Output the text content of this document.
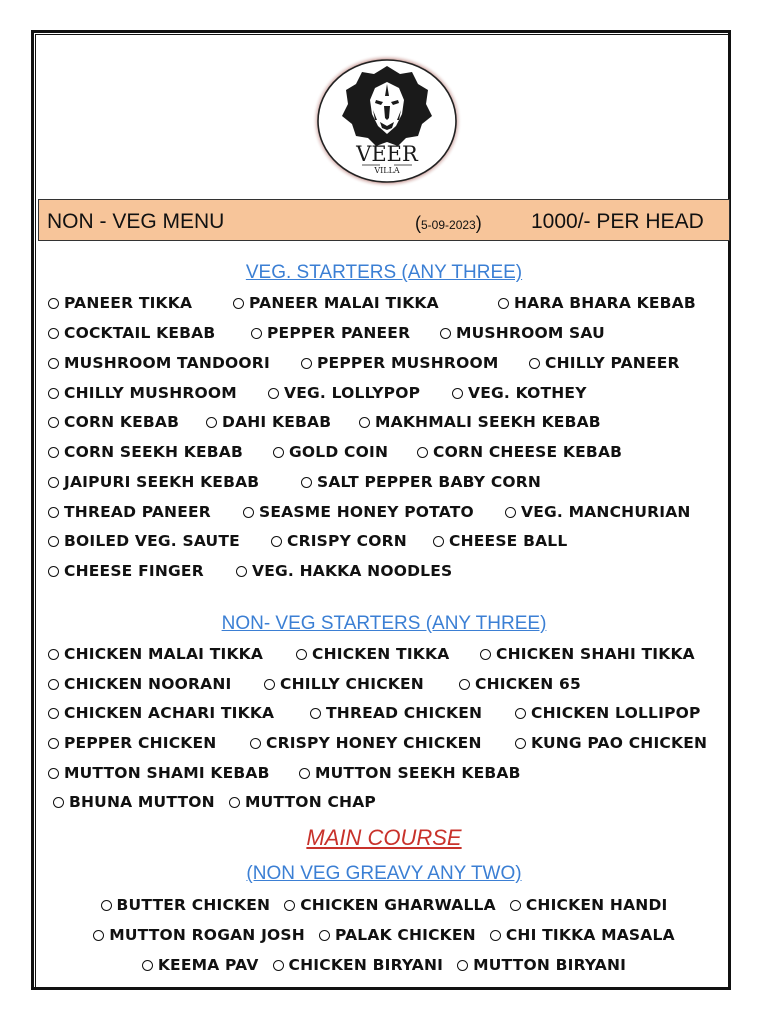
VEER
VILLA
NON - VEG MENU	(5-09-2023) 1000/- PER HEAD
VEG. STARTERS (ANY THREE)
PANEER TIKKA	PANEER MALAI TIKKA	HARA BHARA KEBAB
COCKTAIL KEBAB	PEPPER PANEER	MUSHROOM SAU
MUSHROOM TANDOORI	PEPPER MUSHROOM	CHILLY PANEER
CHILLY MUSHROOM	VEG. LOLLYPOP	VEG. KOTHEY
CORN KEBAB	DAHI KEBAB	MAKHMALI SEEKH KEBAB
CORN SEEKH KEBAB	GOLD COIN	CORN CHEESE KEBAB
JAIPURI SEEKH KEBAB	SALT PEPPER BABY CORN
THREAD PANEER	SEASME HONEY POTATO	VEG. MANCHURIAN
BOILED VEG. SAUTE	CRISPY CORN	CHEESE BALL
CHEESE FINGER	VEG. HAKKA NOODLES
NON- VEG STARTERS (ANY THREE)
CHICKEN MALAI TIKKA	CHICKEN TIKKA	CHICKEN SHAHI TIKKA
CHICKEN NOORANI	CHILLY CHICKEN	CHICKEN 65
CHICKEN ACHARI TIKKA	THREAD CHICKEN	CHICKEN LOLLIPOP
PEPPER CHICKEN	CRISPY HONEY CHICKEN	KUNG PAO CHICKEN
MUTTON SHAMI KEBAB	MUTTON SEEKH KEBAB
BHUNA MUTTON	MUTTON CHAP
MAIN COURSE
(NON VEG GREAVY ANY TWO)
BUTTER CHICKEN CHICKEN GHARWALLA CHICKEN HANDI
MUTTON ROGAN JOSH PALAK CHICKEN CHI TIKKA MASALA
KEEMA PAV CHICKEN BIRYANI MUTTON BIRYANI
